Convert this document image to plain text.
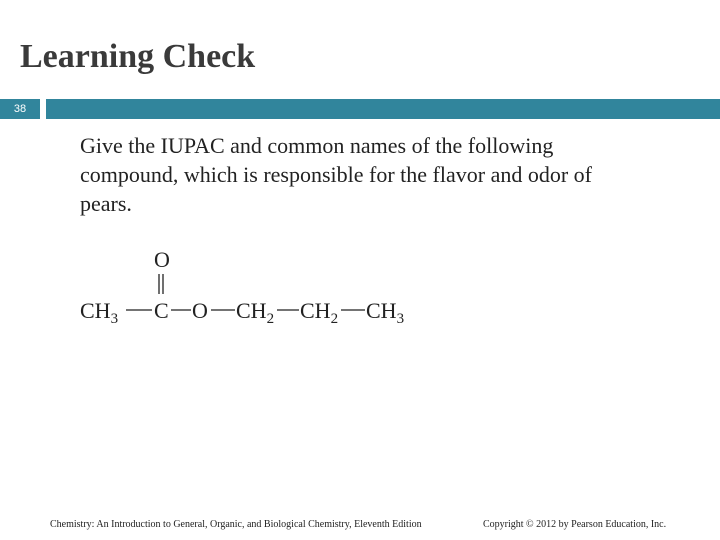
Learning Check
38
Give the IUPAC and common names of the following compound, which is responsible for the flavor and odor of pears.
O
$CH_3$ C O $CH_2$ $CH_2$ $CH_3$
Chemistry: An Introduction to General, Organic, and Biological Chemistry, Eleventh Edition	Copyright © 2012 by Pearson Education, Inc.
